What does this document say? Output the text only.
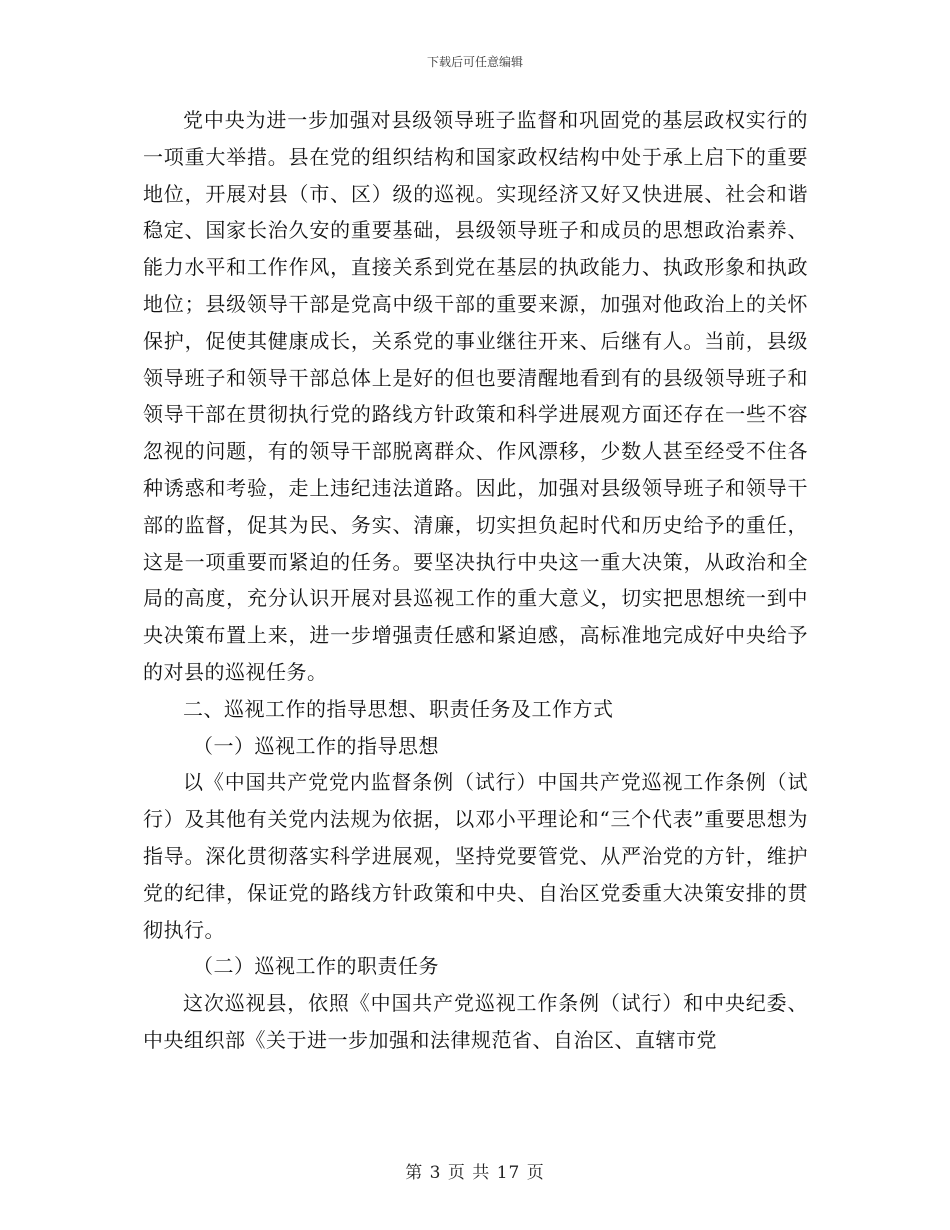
下载后可任意编辑

党中央为进一步加强对县级领导班子监督和巩固党的基层政权实行的一项重大举措。县在党的组织结构和国家政权结构中处于承上启下的重要地位，开展对县（市、区）级的巡视。实现经济又好又快进展、社会和谐稳定、国家长治久安的重要基础，县级领导班子和成员的思想政治素养、能力水平和工作作风，直接关系到党在基层的执政能力、执政形象和执政地位；县级领导干部是党高中级干部的重要来源，加强对他政治上的关怀保护，促使其健康成长，关系党的事业继往开来、后继有人。当前，县级领导班子和领导干部总体上是好的但也要清醒地看到有的县级领导班子和领导干部在贯彻执行党的路线方针政策和科学进展观方面还存在一些不容忽视的问题，有的领导干部脱离群众、作风漂移，少数人甚至经受不住各种诱惑和考验，走上违纪违法道路。因此，加强对县级领导班子和领导干部的监督，促其为民、务实、清廉，切实担负起时代和历史给予的重任，这是一项重要而紧迫的任务。要坚决执行中央这一重大决策，从政治和全局的高度，充分认识开展对县巡视工作的重大意义，切实把思想统一到中央决策布置上来，进一步增强责任感和紧迫感，高标准地完成好中央给予的对县的巡视任务。

二、巡视工作的指导思想、职责任务及工作方式

（一）巡视工作的指导思想

以《中国共产党党内监督条例（试行）中国共产党巡视工作条例（试行）及其他有关党内法规为依据，以邓小平理论和“三个代表”重要思想为指导。深化贯彻落实科学进展观，坚持党要管党、从严治党的方针，维护党的纪律，保证党的路线方针政策和中央、自治区党委重大决策安排的贯彻执行。

（二）巡视工作的职责任务

这次巡视县，依照《中国共产党巡视工作条例（试行）和中央纪委、中央组织部《关于进一步加强和法律规范省、自治区、直辖市党

第 3 页 共 17 页
